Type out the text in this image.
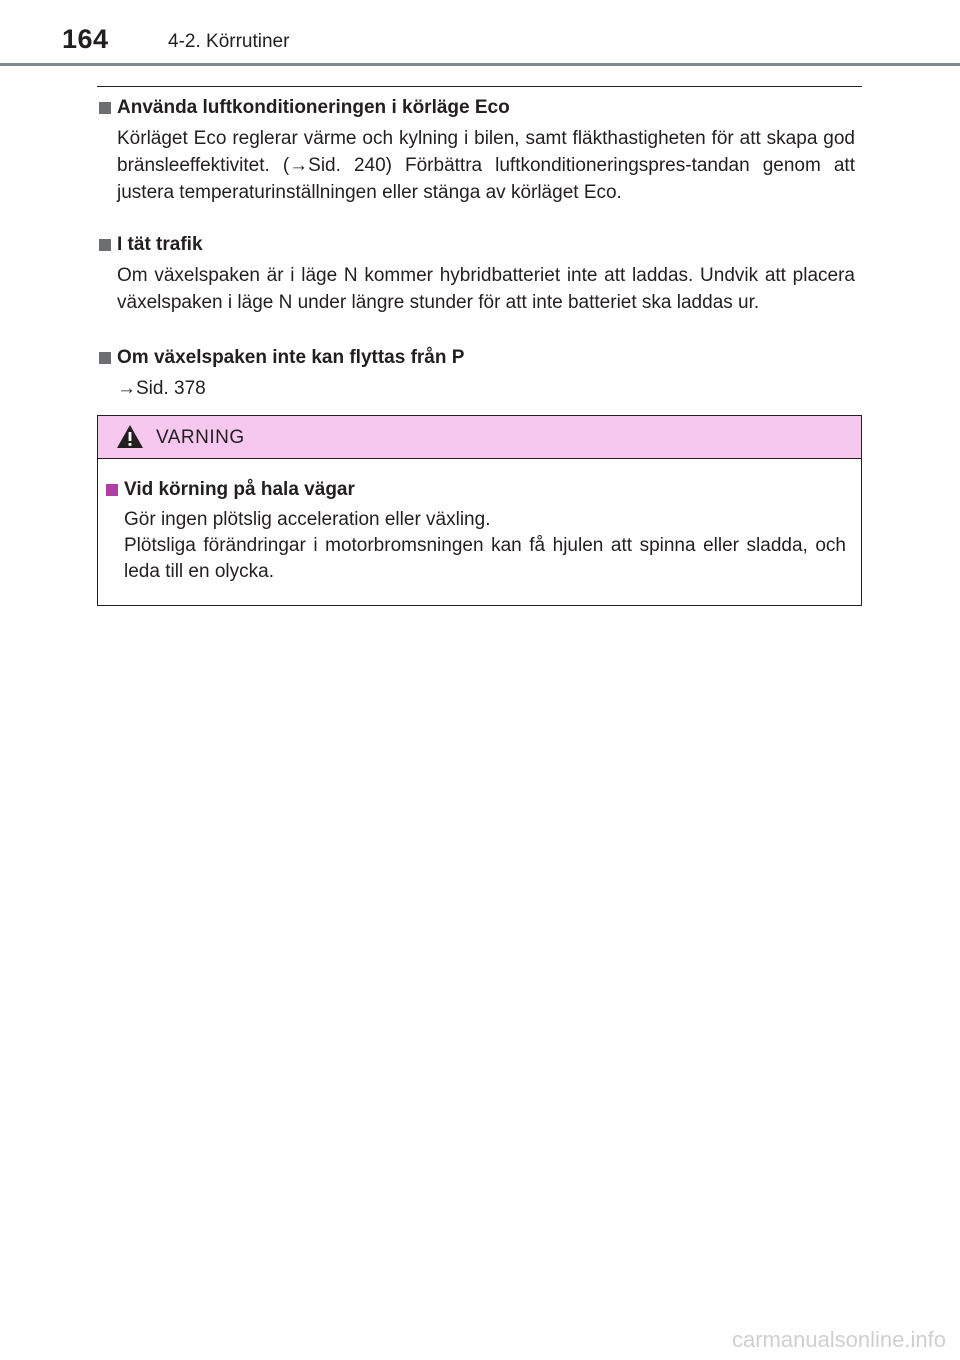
164	4-2. Körrutiner
Använda luftkonditioneringen i körläge Eco
Körläget Eco reglerar värme och kylning i bilen, samt fläkthastigheten för att skapa god bränsleeffektivitet. (→Sid. 240) Förbättra luftkonditioneringspres-tandan genom att justera temperaturinställningen eller stänga av körläget Eco.
I tät trafik
Om växelspaken är i läge N kommer hybridbatteriet inte att laddas. Undvik att placera växelspaken i läge N under längre stunder för att inte batteriet ska laddas ur.
Om växelspaken inte kan flyttas från P
→Sid. 378
VARNING
Vid körning på hala vägar
Gör ingen plötslig acceleration eller växling.
Plötsliga förändringar i motorbromsningen kan få hjulen att spinna eller sladda, och leda till en olycka.
carmanualsonline.info
